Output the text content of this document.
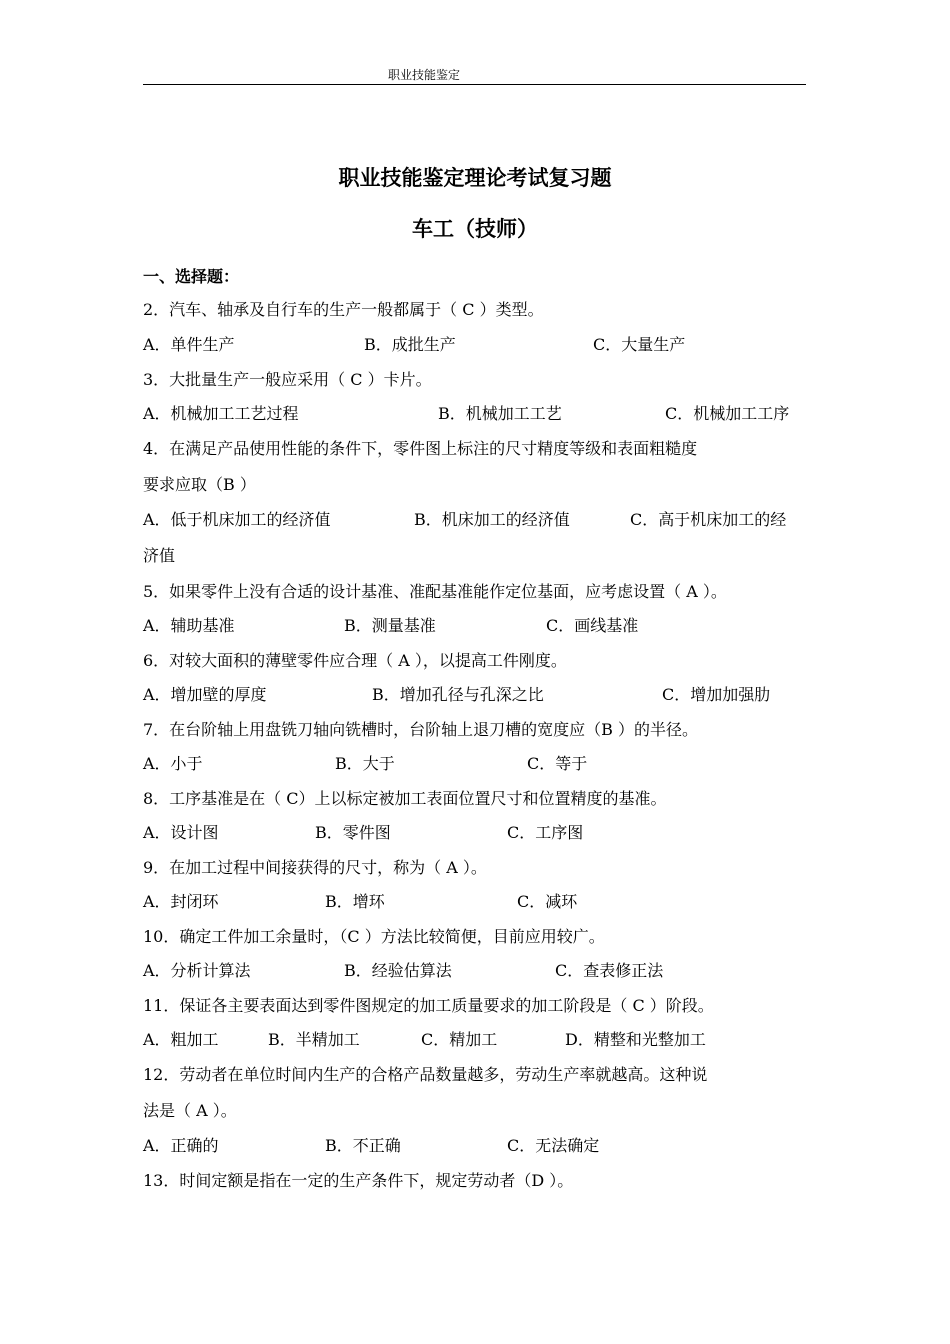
职业技能鉴定
职业技能鉴定理论考试复习题
车工（技师）
一、选择题：
2．汽车、轴承及自行车的生产一般都属于（ C ）类型。
A．单件生产	B．成批生产	C．大量生产
3．大批量生产一般应采用（ C ）卡片。
A．机械加工工艺过程	B．机械加工工艺	C．机械加工工序
4．在满足产品使用性能的条件下，零件图上标注的尺寸精度等级和表面粗糙度
要求应取（B ）
A．低于机床加工的经济值	B．机床加工的经济值	C．高于机床加工的经
济值
5．如果零件上没有合适的设计基准、准配基准能作定位基面，应考虑设置（ A ）。
A．辅助基准	B．测量基准	C．画线基准
6．对较大面积的薄壁零件应合理（ A ），以提高工件刚度。
A．增加壁的厚度	B．增加孔径与孔深之比	C．增加加强肋
7．在台阶轴上用盘铣刀轴向铣槽时，台阶轴上退刀槽的宽度应（B ）的半径。
A．小于	B．大于	C．等于
8．工序基准是在（ C）上以标定被加工表面位置尺寸和位置精度的基准。
A．设计图	B．零件图	C．工序图
9．在加工过程中间接获得的尺寸，称为（ A ）。
A．封闭环	B．增环	C．减环
10．确定工件加工余量时，（C ）方法比较简便，目前应用较广。
A．分析计算法	B．经验估算法	C．查表修正法
11．保证各主要表面达到零件图规定的加工质量要求的加工阶段是（ C ）阶段。
A．粗加工	B．半精加工	C．精加工	D．精整和光整加工
12．劳动者在单位时间内生产的合格产品数量越多，劳动生产率就越高。这种说
法是（ A ）。
A．正确的	B．不正确	C．无法确定
13．时间定额是指在一定的生产条件下，规定劳动者（D ）。
